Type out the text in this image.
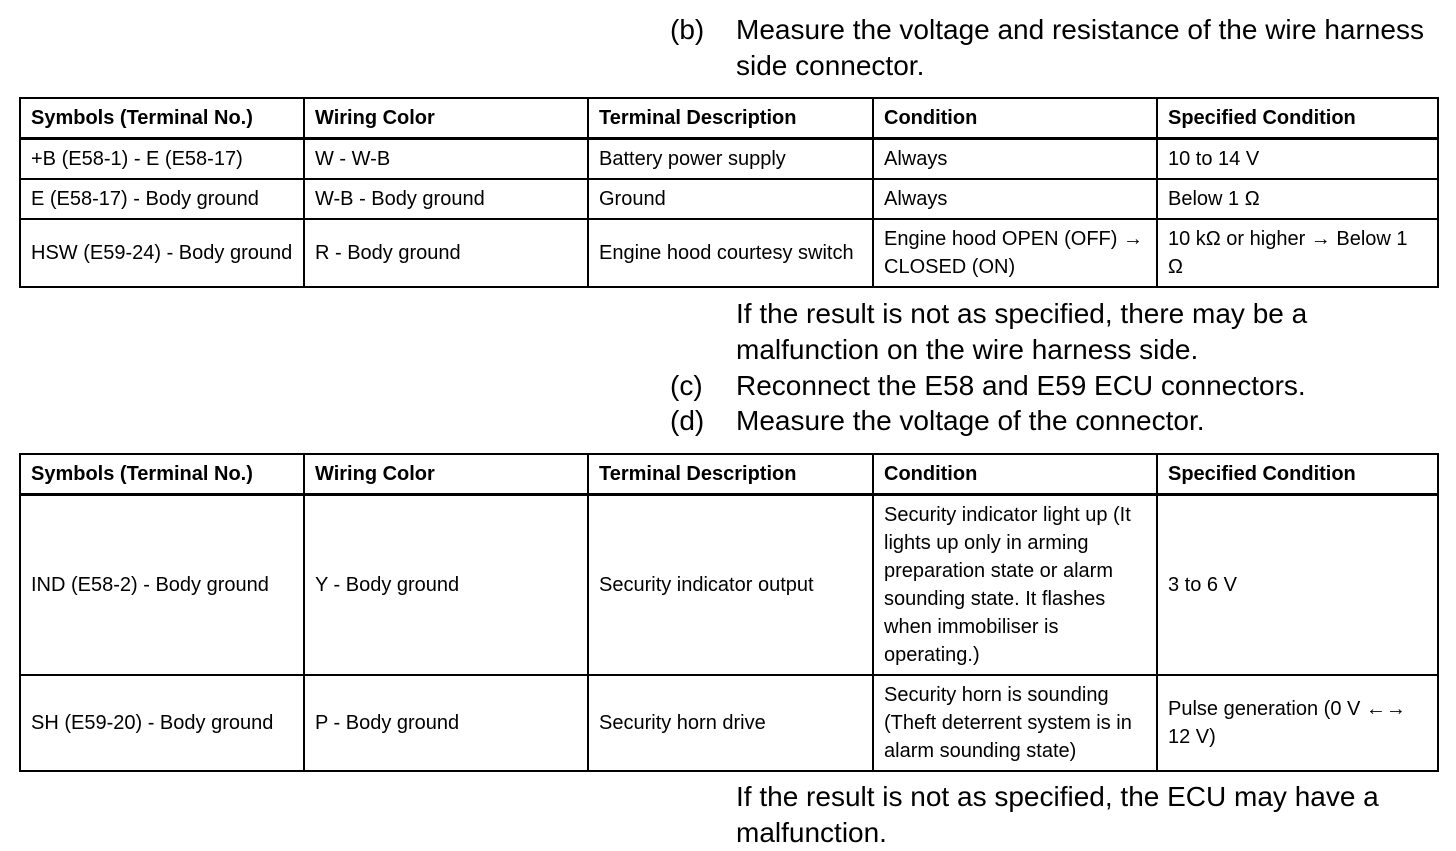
(b)	Measure the voltage and resistance of the wire harness side connector.
Symbols (Terminal No.)	Wiring Color	Terminal Description	Condition	Specified Condition
+B (E58-1) - E (E58-17)	W - W-B	Battery power supply	Always	10 to 14 V
E (E58-17) - Body ground	W-B - Body ground	Ground	Always	Below 1 Ω
HSW (E59-24) - Body ground	R - Body ground	Engine hood courtesy switch	Engine hood OPEN (OFF) → CLOSED (ON)	10 kΩ or higher → Below 1 Ω
If the result is not as specified, there may be a malfunction on the wire harness side.
(c)	Reconnect the E58 and E59 ECU connectors.
(d)	Measure the voltage of the connector.
Symbols (Terminal No.)	Wiring Color	Terminal Description	Condition	Specified Condition
IND (E58-2) - Body ground	Y - Body ground	Security indicator output	Security indicator light up (It lights up only in arming preparation state or alarm sounding state. It flashes when immobiliser is operating.)	3 to 6 V
SH (E59-20) - Body ground	P - Body ground	Security horn drive	Security horn is sounding (Theft deterrent system is in alarm sounding state)	Pulse generation (0 V ←→ 12 V)
If the result is not as specified, the ECU may have a malfunction.
